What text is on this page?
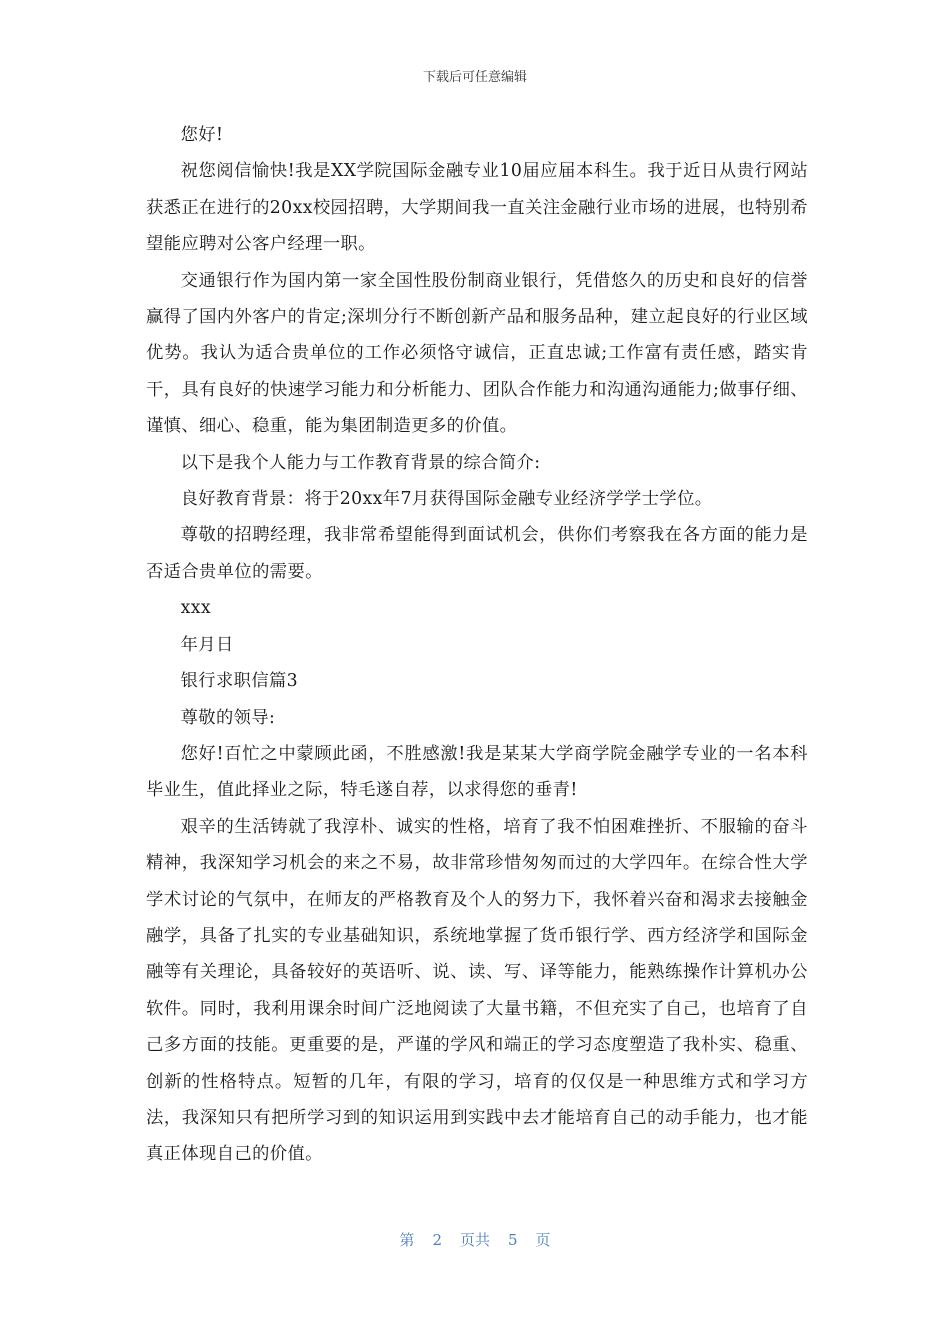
下载后可任意编辑

您好!

祝您阅信愉快!我是XX学院国际金融专业10届应届本科生。我于近日从贵行网站获悉正在进行的20xx校园招聘，大学期间我一直关注金融行业市场的进展，也特别希望能应聘对公客户经理一职。

交通银行作为国内第一家全国性股份制商业银行，凭借悠久的历史和良好的信誉赢得了国内外客户的肯定;深圳分行不断创新产品和服务品种，建立起良好的行业区域优势。我认为适合贵单位的工作必须恪守诚信，正直忠诚;工作富有责任感，踏实肯干，具有良好的快速学习能力和分析能力、团队合作能力和沟通沟通能力;做事仔细、谨慎、细心、稳重，能为集团制造更多的价值。

以下是我个人能力与工作教育背景的综合简介:

良好教育背景：将于20xx年7月获得国际金融专业经济学学士学位。

尊敬的招聘经理，我非常希望能得到面试机会，供你们考察我在各方面的能力是否适合贵单位的需要。

xxx

年月日

银行求职信篇3

尊敬的领导:

您好!百忙之中蒙顾此函，不胜感激!我是某某大学商学院金融学专业的一名本科毕业生，值此择业之际，特毛遂自荐，以求得您的垂青!

艰辛的生活铸就了我淳朴、诚实的性格，培育了我不怕困难挫折、不服输的奋斗精神，我深知学习机会的来之不易，故非常珍惜匆匆而过的大学四年。在综合性大学学术讨论的气氛中，在师友的严格教育及个人的努力下，我怀着兴奋和渴求去接触金融学，具备了扎实的专业基础知识，系统地掌握了货币银行学、西方经济学和国际金融等有关理论，具备较好的英语听、说、读、写、译等能力，能熟练操作计算机办公软件。同时，我利用课余时间广泛地阅读了大量书籍，不但充实了自己，也培育了自己多方面的技能。更重要的是，严谨的学风和端正的学习态度塑造了我朴实、稳重、创新的性格特点。短暂的几年，有限的学习，培育的仅仅是一种思维方式和学习方法，我深知只有把所学习到的知识运用到实践中去才能培育自己的动手能力，也才能真正体现自己的价值。

第 2 页共 5 页
